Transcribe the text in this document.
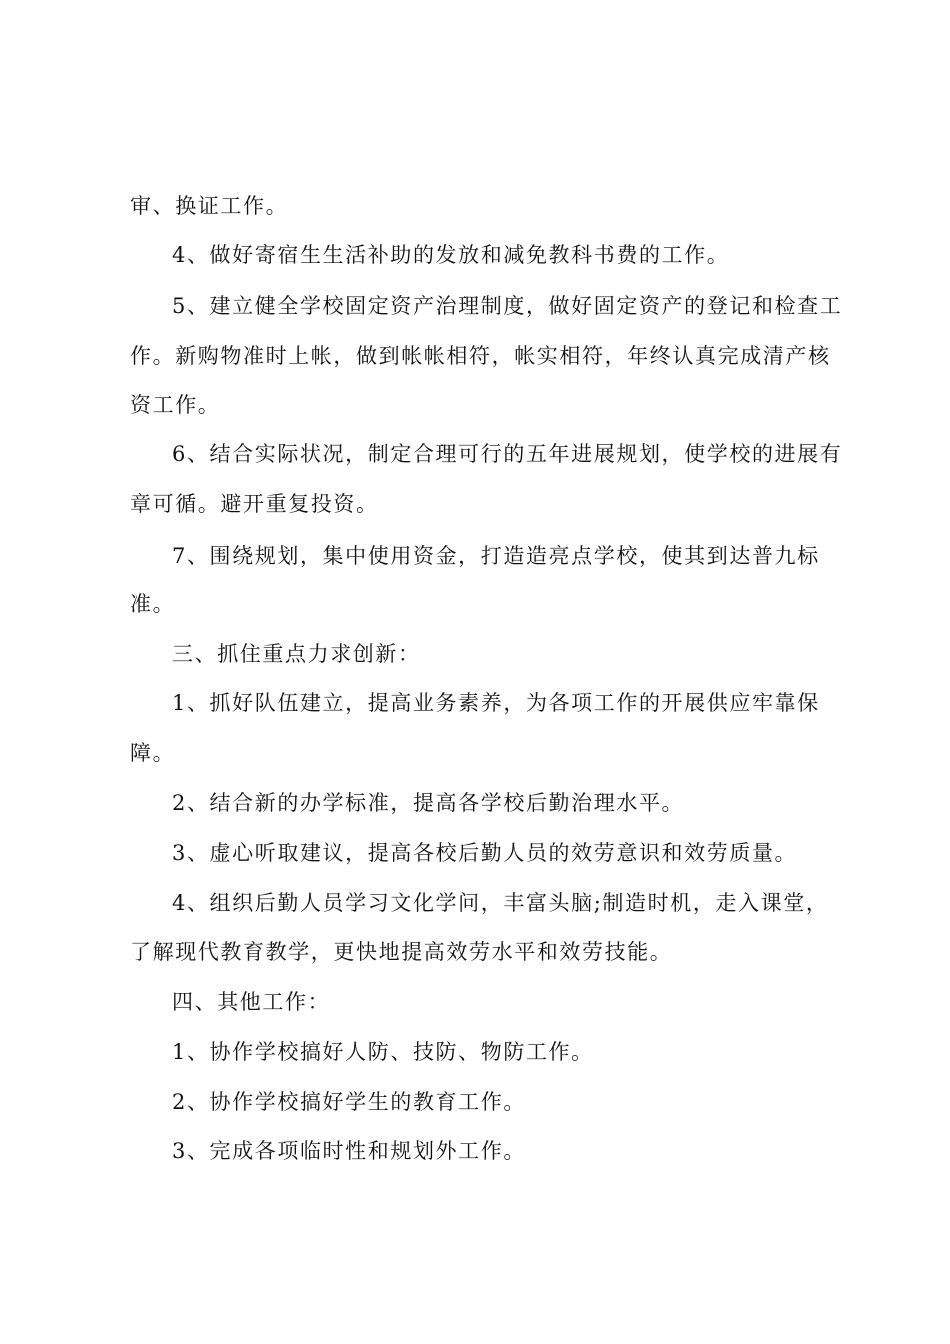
审、换证工作。
4、做好寄宿生生活补助的发放和减免教科书费的工作。
5、建立健全学校固定资产治理制度，做好固定资产的登记和检查工
作。新购物准时上帐，做到帐帐相符，帐实相符，年终认真完成清产核
资工作。
6、结合实际状况，制定合理可行的五年进展规划，使学校的进展有
章可循。避开重复投资。
7、围绕规划，集中使用资金，打造造亮点学校，使其到达普九标
准。
三、抓住重点力求创新：
1、抓好队伍建立，提高业务素养，为各项工作的开展供应牢靠保
障。
2、结合新的办学标准，提高各学校后勤治理水平。
3、虚心听取建议，提高各校后勤人员的效劳意识和效劳质量。
4、组织后勤人员学习文化学问，丰富头脑;制造时机，走入课堂，
了解现代教育教学，更快地提高效劳水平和效劳技能。
四、其他工作：
1、协作学校搞好人防、技防、物防工作。
2、协作学校搞好学生的教育工作。
3、完成各项临时性和规划外工作。
